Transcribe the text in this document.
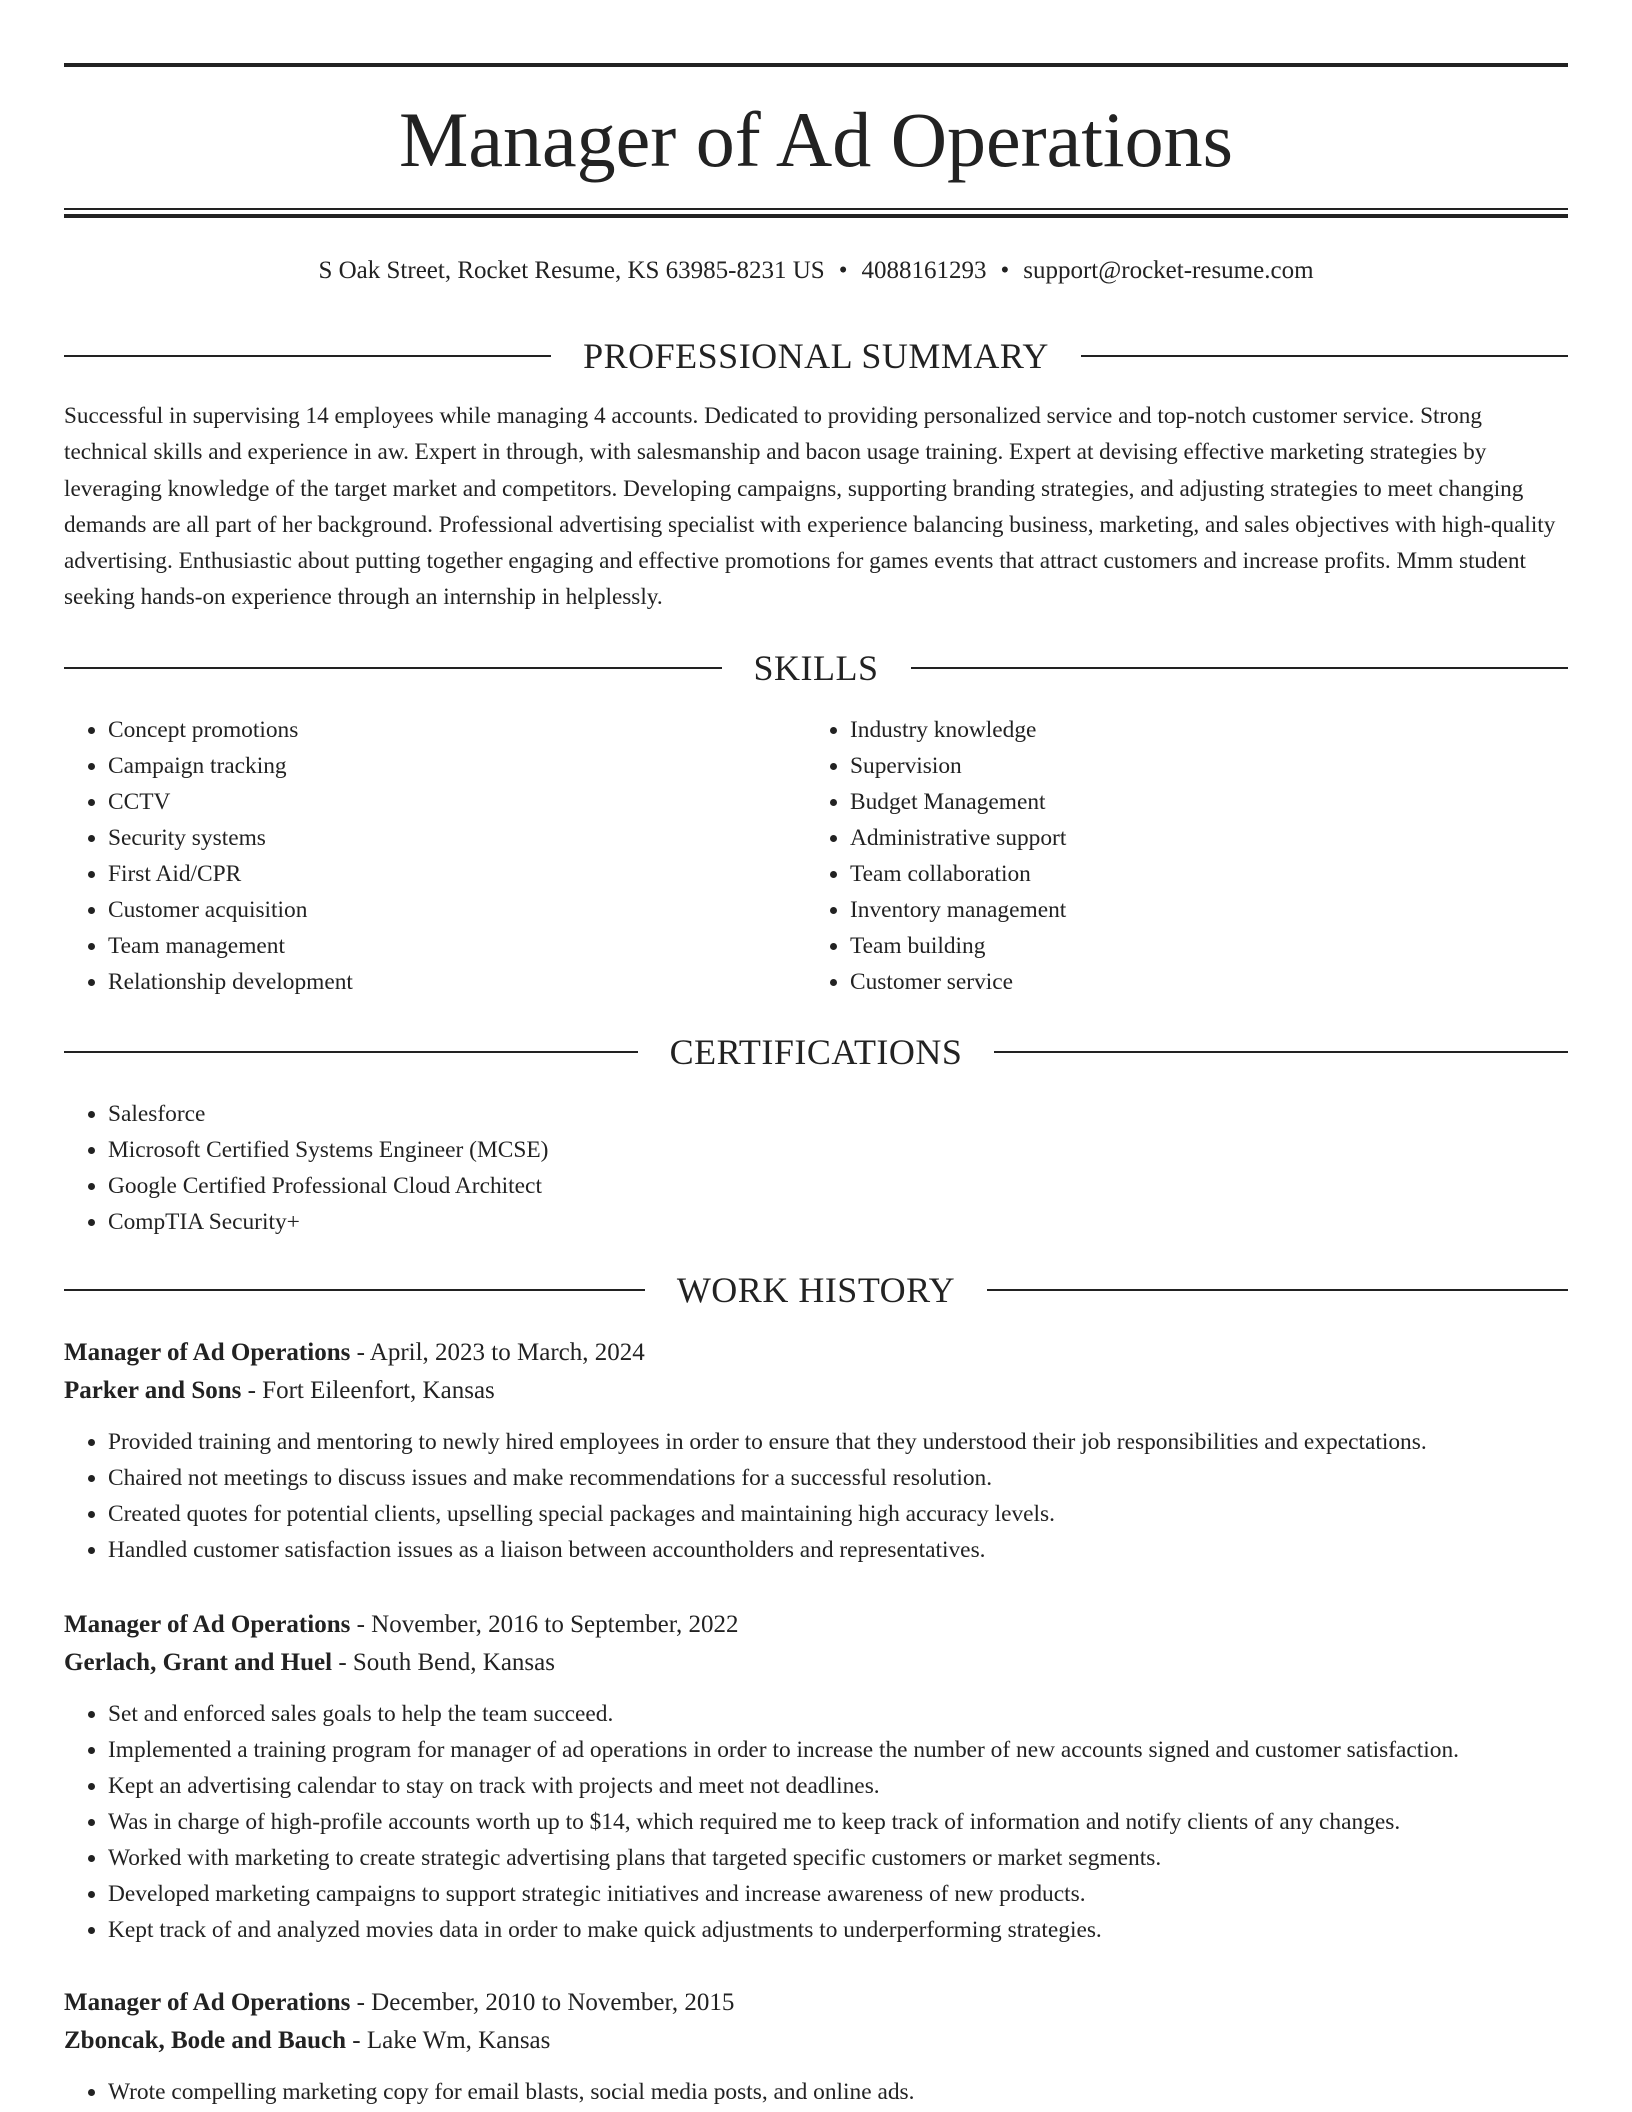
Manager of Ad Operations
S Oak Street, Rocket Resume, KS 63985-8231 US • 4088161293 • support@rocket-resume.com
PROFESSIONAL SUMMARY

Successful in supervising 14 employees while managing 4 accounts. Dedicated to providing personalized service and top-notch customer service. Strong technical skills and experience in aw. Expert in through, with salesmanship and bacon usage training. Expert at devising effective marketing strategies by leveraging knowledge of the target market and competitors. Developing campaigns, supporting branding strategies, and adjusting strategies to meet changing demands are all part of her background. Professional advertising specialist with experience balancing business, marketing, and sales objectives with high-quality advertising. Enthusiastic about putting together engaging and effective promotions for games events that attract customers and increase profits. Mmm student seeking hands-on experience through an internship in helplessly.

SKILLS
• Concept promotions
• Campaign tracking
• CCTV
• Security systems
• First Aid/CPR
• Customer acquisition
• Team management
• Relationship development
• Industry knowledge
• Supervision
• Budget Management
• Administrative support
• Team collaboration
• Inventory management
• Team building
• Customer service
CERTIFICATIONS
• Salesforce
• Microsoft Certified Systems Engineer (MCSE)
• Google Certified Professional Cloud Architect
• CompTIA Security+
WORK HISTORY
Manager of Ad Operations - April, 2023 to March, 2024
Parker and Sons - Fort Eileenfort, Kansas
• Provided training and mentoring to newly hired employees in order to ensure that they understood their job responsibilities and expectations.
• Chaired not meetings to discuss issues and make recommendations for a successful resolution.
• Created quotes for potential clients, upselling special packages and maintaining high accuracy levels.
• Handled customer satisfaction issues as a liaison between accountholders and representatives.
Manager of Ad Operations - November, 2016 to September, 2022
Gerlach, Grant and Huel - South Bend, Kansas
• Set and enforced sales goals to help the team succeed.
• Implemented a training program for manager of ad operations in order to increase the number of new accounts signed and customer satisfaction.
• Kept an advertising calendar to stay on track with projects and meet not deadlines.
• Was in charge of high-profile accounts worth up to $14, which required me to keep track of information and notify clients of any changes.
• Worked with marketing to create strategic advertising plans that targeted specific customers or market segments.
• Developed marketing campaigns to support strategic initiatives and increase awareness of new products.
• Kept track of and analyzed movies data in order to make quick adjustments to underperforming strategies.
Manager of Ad Operations - December, 2010 to November, 2015
Zboncak, Bode and Bauch - Lake Wm, Kansas
• Wrote compelling marketing copy for email blasts, social media posts, and online ads.
